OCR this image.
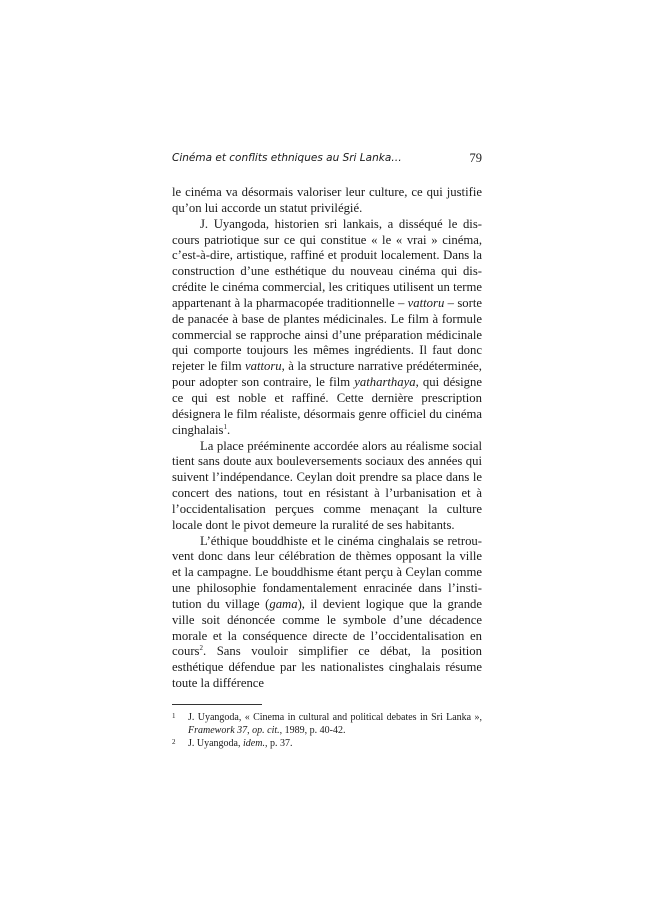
Cinéma et conflits ethniques au Sri Lanka…	79

le cinéma va désormais valoriser leur culture, ce qui justifie qu’on lui accorde un statut privilégié.

J. Uyangoda, historien sri lankais, a disséqué le discours patriotique sur ce qui constitue « le « vrai » cinéma, c’est-à-dire, artistique, raffiné et produit localement. Dans la construction d’une esthétique du nouveau cinéma qui discrédite le cinéma commercial, les critiques utilisent un terme appartenant à la pharmacopée traditionnelle – vattoru – sorte de panacée à base de plantes médicinales. Le film à formule commercial se rapproche ainsi d’une préparation médicinale qui comporte toujours les mêmes ingrédients. Il faut donc rejeter le film vattoru, à la structure narrative prédéterminée, pour adopter son contraire, le film yatharthaya, qui désigne ce qui est noble et raffiné. Cette dernière prescription désignera le film réaliste, désormais genre officiel du cinéma cinghalais$^1$.

La place prééminente accordée alors au réalisme social tient sans doute aux bouleversements sociaux des années qui suivent l’indépendance. Ceylan doit prendre sa place dans le concert des nations, tout en résistant à l’urbanisation et à l’occidentalisation perçues comme menaçant la culture locale dont le pivot demeure la ruralité de ses habitants.

L’éthique bouddhiste et le cinéma cinghalais se retrouvent donc dans leur célébration de thèmes opposant la ville et la campagne. Le bouddhisme étant perçu à Ceylan comme une philosophie fondamentalement enracinée dans l’institution du village (gama), il devient logique que la grande ville soit dénoncée comme le symbole d’une décadence morale et la conséquence directe de l’occidentalisation en cours$^2$. Sans vouloir simplifier ce débat, la position esthétique défendue par les nationalistes cinghalais résume toute la différence

1	J. Uyangoda, « Cinema in cultural and political debates in Sri Lanka », Framework 37, op. cit., 1989, p. 40-42.
2	J. Uyangoda, idem., p. 37.
